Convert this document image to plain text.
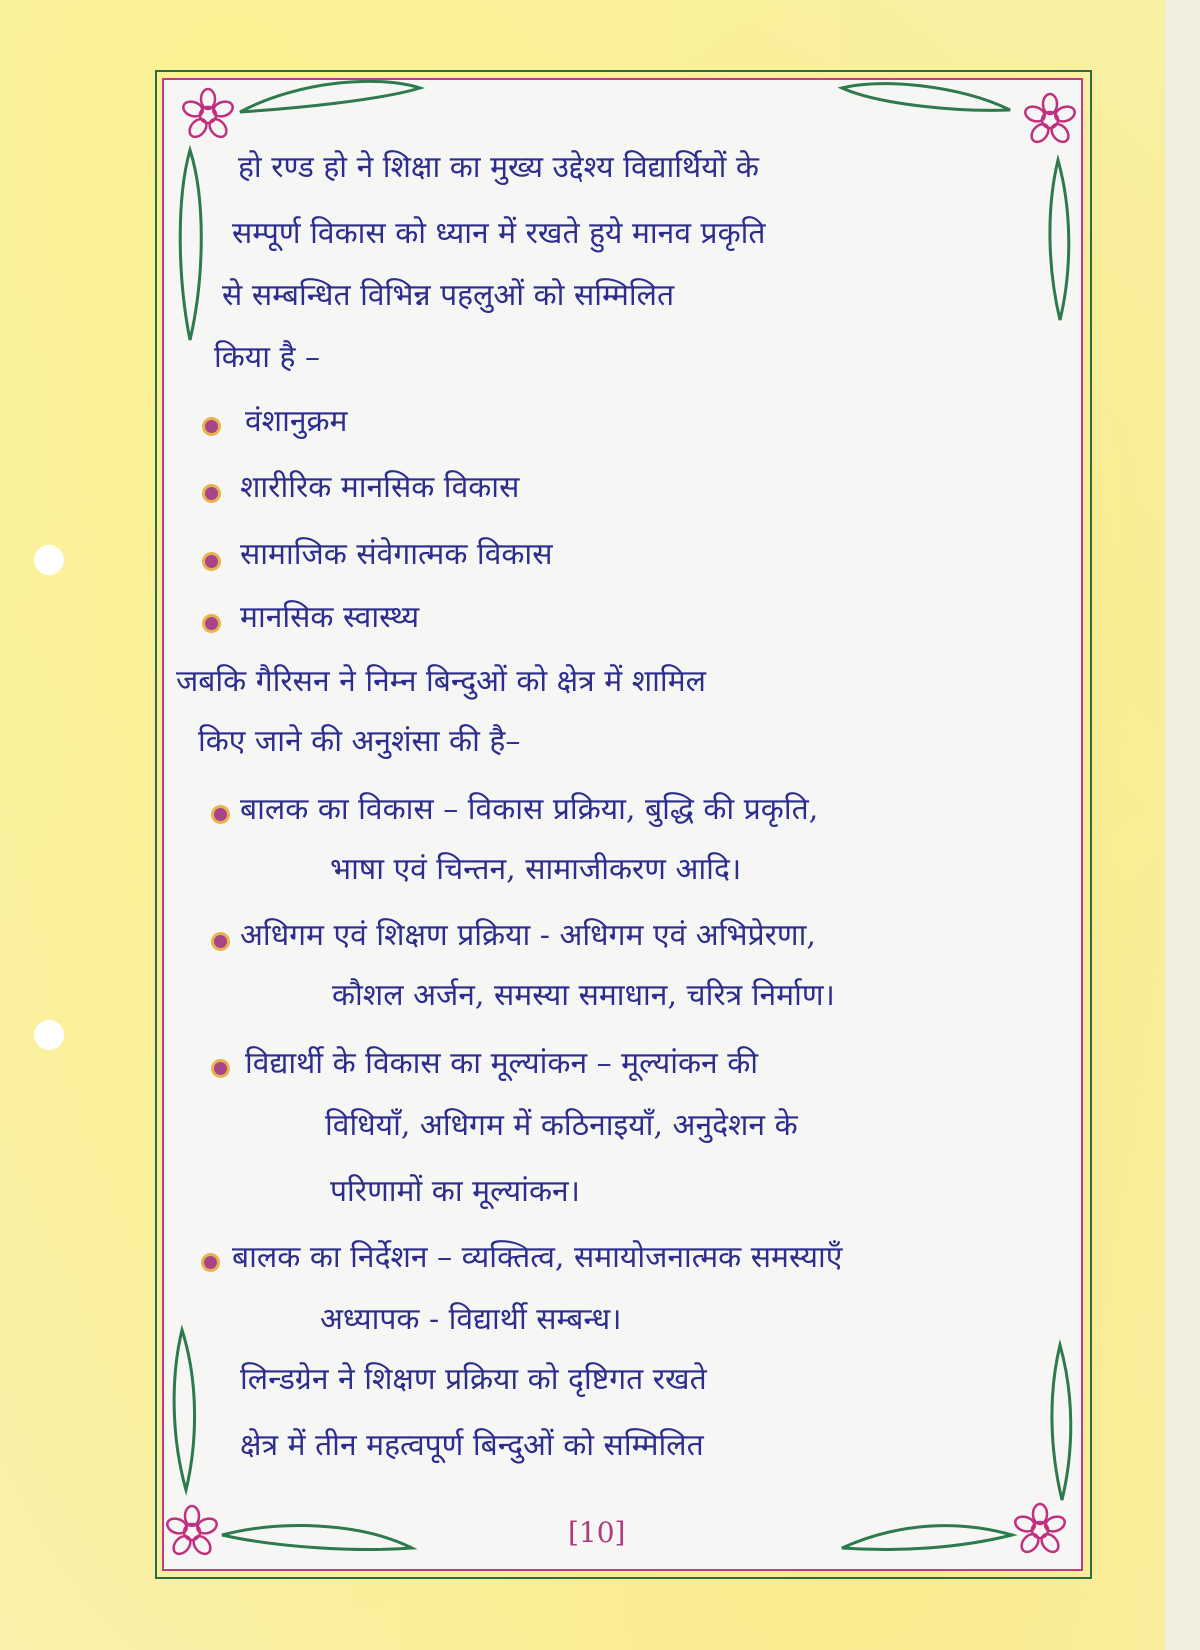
हो रण्ड हो ने शिक्षा का मुख्य उद्देश्य विद्यार्थियों के
सम्पूर्ण विकास को ध्यान में रखते हुये मानव प्रकृति
से सम्बन्धित विभिन्न पहलुओं को सम्मिलित
किया है –
वंशानुक्रम
शारीरिक मानसिक विकास
सामाजिक संवेगात्मक विकास
मानसिक स्वास्थ्य
जबकि गैरिसन ने निम्न बिन्दुओं को क्षेत्र में शामिल
किए जाने की अनुशंसा की है–
बालक का विकास – विकास प्रक्रिया, बुद्धि की प्रकृति,
भाषा एवं चिन्तन, सामाजीकरण आदि।
अधिगम एवं शिक्षण प्रक्रिया - अधिगम एवं अभिप्रेरणा,
कौशल अर्जन, समस्या समाधान, चरित्र निर्माण।
विद्यार्थी के विकास का मूल्यांकन – मूल्यांकन की
विधियाँ, अधिगम में कठिनाइयाँ, अनुदेशन के
परिणामों का मूल्यांकन।
बालक का निर्देशन – व्यक्तित्व, समायोजनात्मक समस्याएँ
अध्यापक - विद्यार्थी सम्बन्ध।
लिन्डग्रेन ने शिक्षण प्रक्रिया को दृष्टिगत रखते
क्षेत्र में तीन महत्वपूर्ण बिन्दुओं को सम्मिलित
[10]
